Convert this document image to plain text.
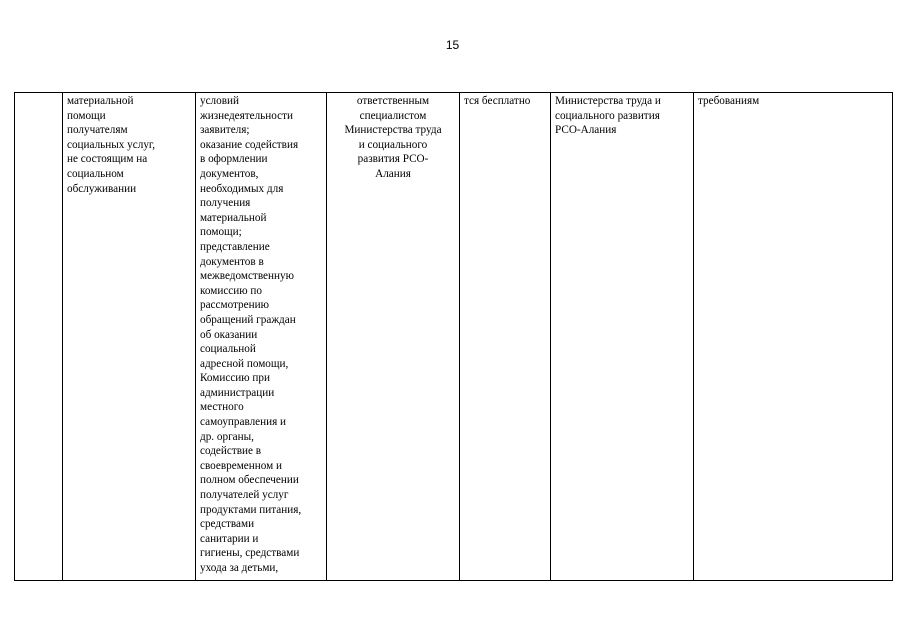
15
	материальной
помощи
получателям
социальных услуг,
не состоящим на
социальном
обслуживании	условий
жизнедеятельности
заявителя;
оказание содействия
в оформлении
документов,
необходимых для
получения
материальной
помощи;
представление
документов в
межведомственную
комиссию по
рассмотрению
обращений граждан
об оказании
социальной
адресной помощи,
Комиссию при
администрации
местного
самоуправления и
др. органы,
содействие в
своевременном и
полном обеспечении
получателей услуг
продуктами питания,
средствами
санитарии и
гигиены, средствами
ухода за детьми,	ответственным
специалистом
Министерства труда
и социального
развития РСО-
Алания	тся бесплатно	Министерства труда и
социального развития
РСО-Алания	требованиям
